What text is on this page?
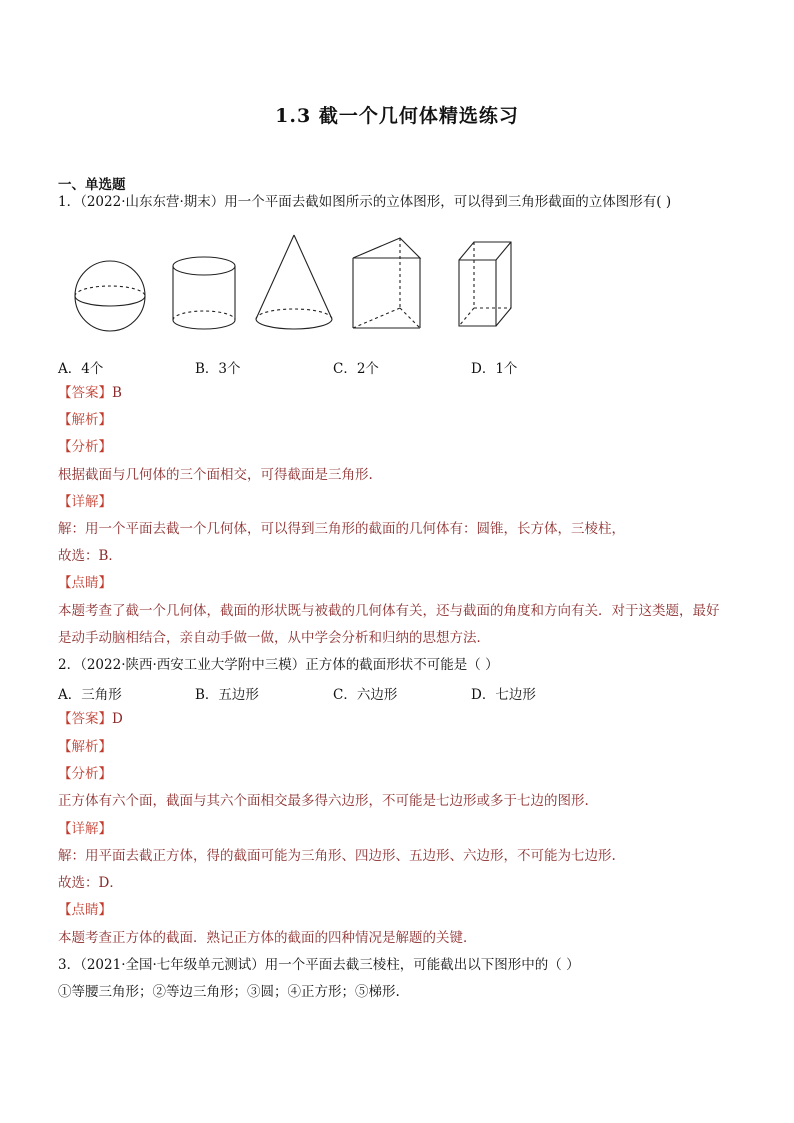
1.3 截一个几何体精选练习
一、单选题
1．（2022·山东东营·期末）用一个平面去截如图所示的立体图形，可以得到三角形截面的立体图形有( )
A．4个	B．3个	C．2个	D．1个
【答案】B
【解析】
【分析】
根据截面与几何体的三个面相交，可得截面是三角形.
【详解】
解：用一个平面去截一个几何体，可以得到三角形的截面的几何体有：圆锥，长方体，三棱柱，
故选：B．
【点睛】
本题考查了截一个几何体，截面的形状既与被截的几何体有关，还与截面的角度和方向有关．对于这类题，最好
是动手动脑相结合，亲自动手做一做，从中学会分析和归纳的思想方法．
2．（2022·陕西·西安工业大学附中三模）正方体的截面形状不可能是（ ）
A．三角形	B．五边形	C．六边形	D．七边形
【答案】D
【解析】
【分析】
正方体有六个面，截面与其六个面相交最多得六边形，不可能是七边形或多于七边的图形.
【详解】
解：用平面去截正方体，得的截面可能为三角形、四边形、五边形、六边形，不可能为七边形.
故选：D．
【点睛】
本题考查正方体的截面．熟记正方体的截面的四种情况是解题的关键．
3．（2021·全国·七年级单元测试）用一个平面去截三棱柱，可能截出以下图形中的（ ）
①等腰三角形；②等边三角形；③圆；④正方形；⑤梯形.
